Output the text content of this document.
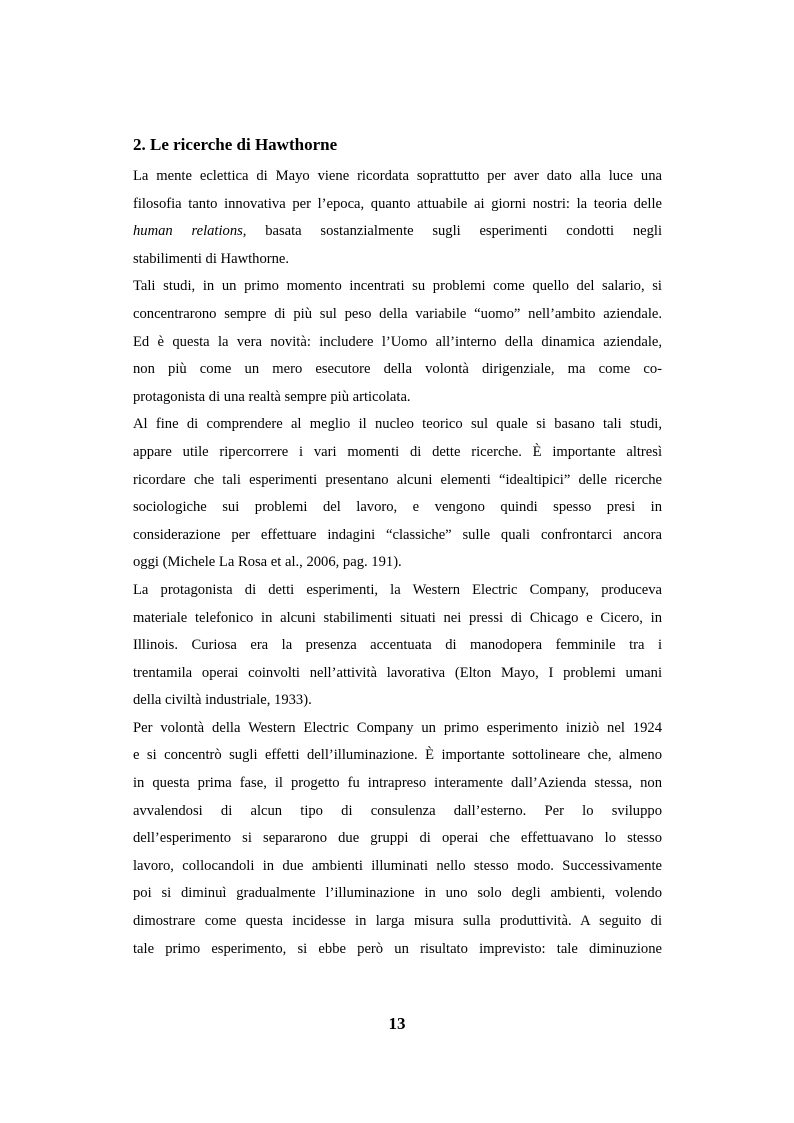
2. Le ricerche di Hawthorne

La mente eclettica di Mayo viene ricordata soprattutto per aver dato alla luce una
filosofia tanto innovativa per l’epoca, quanto attuabile ai giorni nostri: la teoria delle
human relations, basata sostanzialmente sugli esperimenti condotti negli
stabilimenti di Hawthorne.

Tali studi, in un primo momento incentrati su problemi come quello del salario, si
concentrarono sempre di più sul peso della variabile “uomo” nell’ambito aziendale.
Ed è questa la vera novità: includere l’Uomo all’interno della dinamica aziendale,
non più come un mero esecutore della volontà dirigenziale, ma come co-
protagonista di una realtà sempre più articolata.

Al fine di comprendere al meglio il nucleo teorico sul quale si basano tali studi,
appare utile ripercorrere i vari momenti di dette ricerche. È importante altresì
ricordare che tali esperimenti presentano alcuni elementi “idealtipici” delle ricerche
sociologiche sui problemi del lavoro, e vengono quindi spesso presi in
considerazione per effettuare indagini “classiche” sulle quali confrontarci ancora
oggi (Michele La Rosa et al., 2006, pag. 191).

La protagonista di detti esperimenti, la Western Electric Company, produceva
materiale telefonico in alcuni stabilimenti situati nei pressi di Chicago e Cicero, in
Illinois. Curiosa era la presenza accentuata di manodopera femminile tra i
trentamila operai coinvolti nell’attività lavorativa (Elton Mayo, I problemi umani
della civiltà industriale, 1933).

Per volontà della Western Electric Company un primo esperimento iniziò nel 1924
e si concentrò sugli effetti dell’illuminazione. È importante sottolineare che, almeno
in questa prima fase, il progetto fu intrapreso interamente dall’Azienda stessa, non
avvalendosi di alcun tipo di consulenza dall’esterno. Per lo sviluppo
dell’esperimento si separarono due gruppi di operai che effettuavano lo stesso
lavoro, collocandoli in due ambienti illuminati nello stesso modo. Successivamente
poi si diminuì gradualmente l’illuminazione in uno solo degli ambienti, volendo
dimostrare come questa incidesse in larga misura sulla produttività. A seguito di
tale primo esperimento, si ebbe però un risultato imprevisto: tale diminuzione

13
